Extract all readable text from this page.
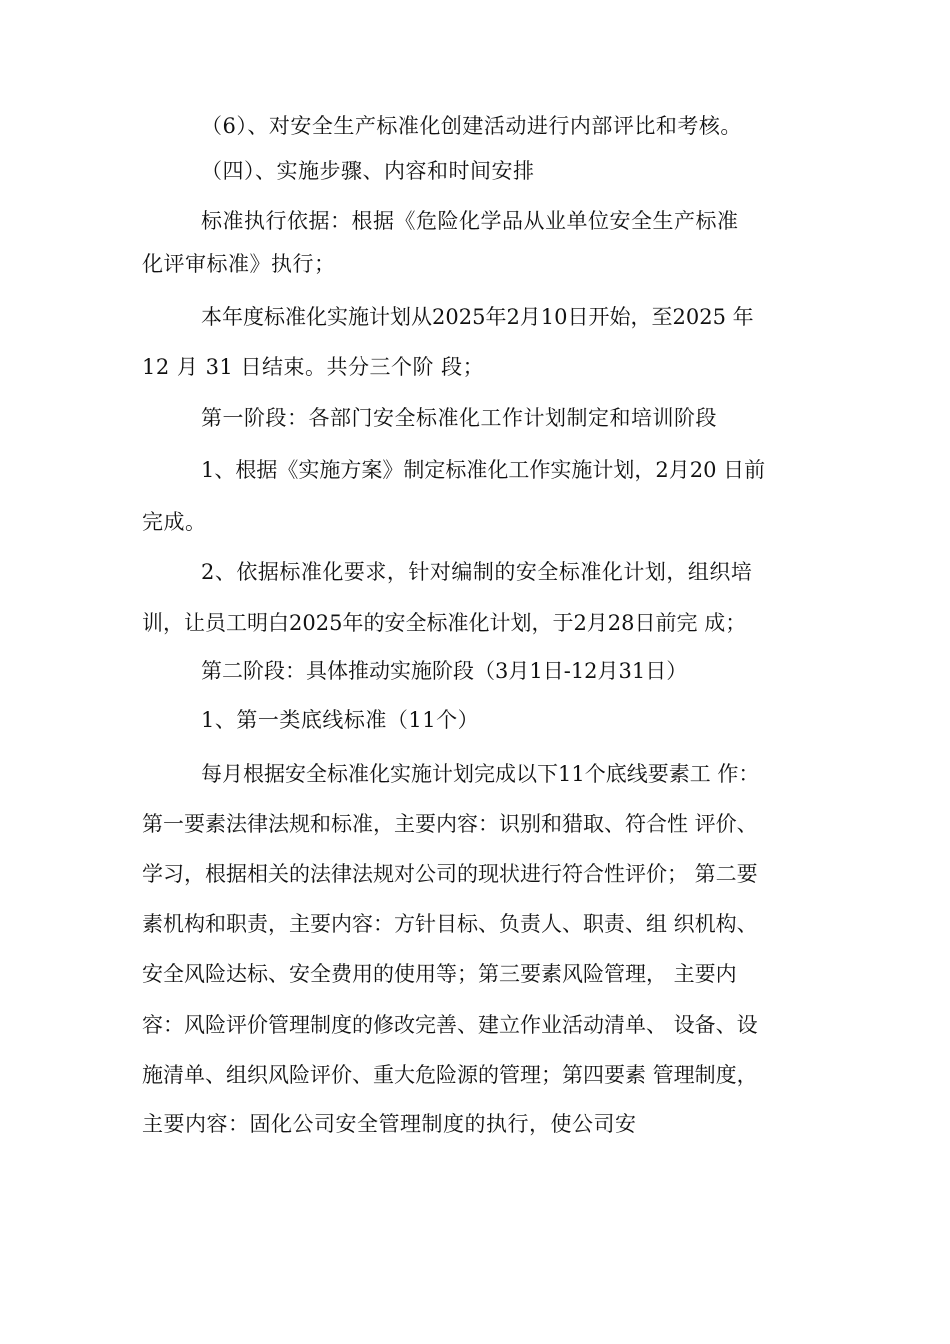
（6）、对安全生产标准化创建活动进行内部评比和考核。
（四）、实施步骤、内容和时间安排
标准执行依据：根据《危险化学品从业单位安全生产标准
化评审标准》执行；
本年度标准化实施计划从2025年2月10日开始，至2025 年
12 月 31 日结束。共分三个阶 段；
第一阶段：各部门安全标准化工作计划制定和培训阶段
1、根据《实施方案》制定标准化工作实施计划，2月20 日前
完成。
2、依据标准化要求，针对编制的安全标准化计划，组织培
训，让员工明白2025年的安全标准化计划，于2月28日前完 成；
第二阶段：具体推动实施阶段（3月1日-12月31日）
1、第一类底线标准（11个）
每月根据安全标准化实施计划完成以下11个底线要素工 作：
第一要素法律法规和标准，主要内容：识别和猎取、符合性 评价、
学习，根据相关的法律法规对公司的现状进行符合性评价； 第二要
素机构和职责，主要内容：方针目标、负责人、职责、组 织机构、
安全风险达标、安全费用的使用等；第三要素风险管理， 主要内
容：风险评价管理制度的修改完善、建立作业活动清单、 设备、设
施清单、组织风险评价、重大危险源的管理；第四要素 管理制度，
主要内容：固化公司安全管理制度的执行，使公司安
